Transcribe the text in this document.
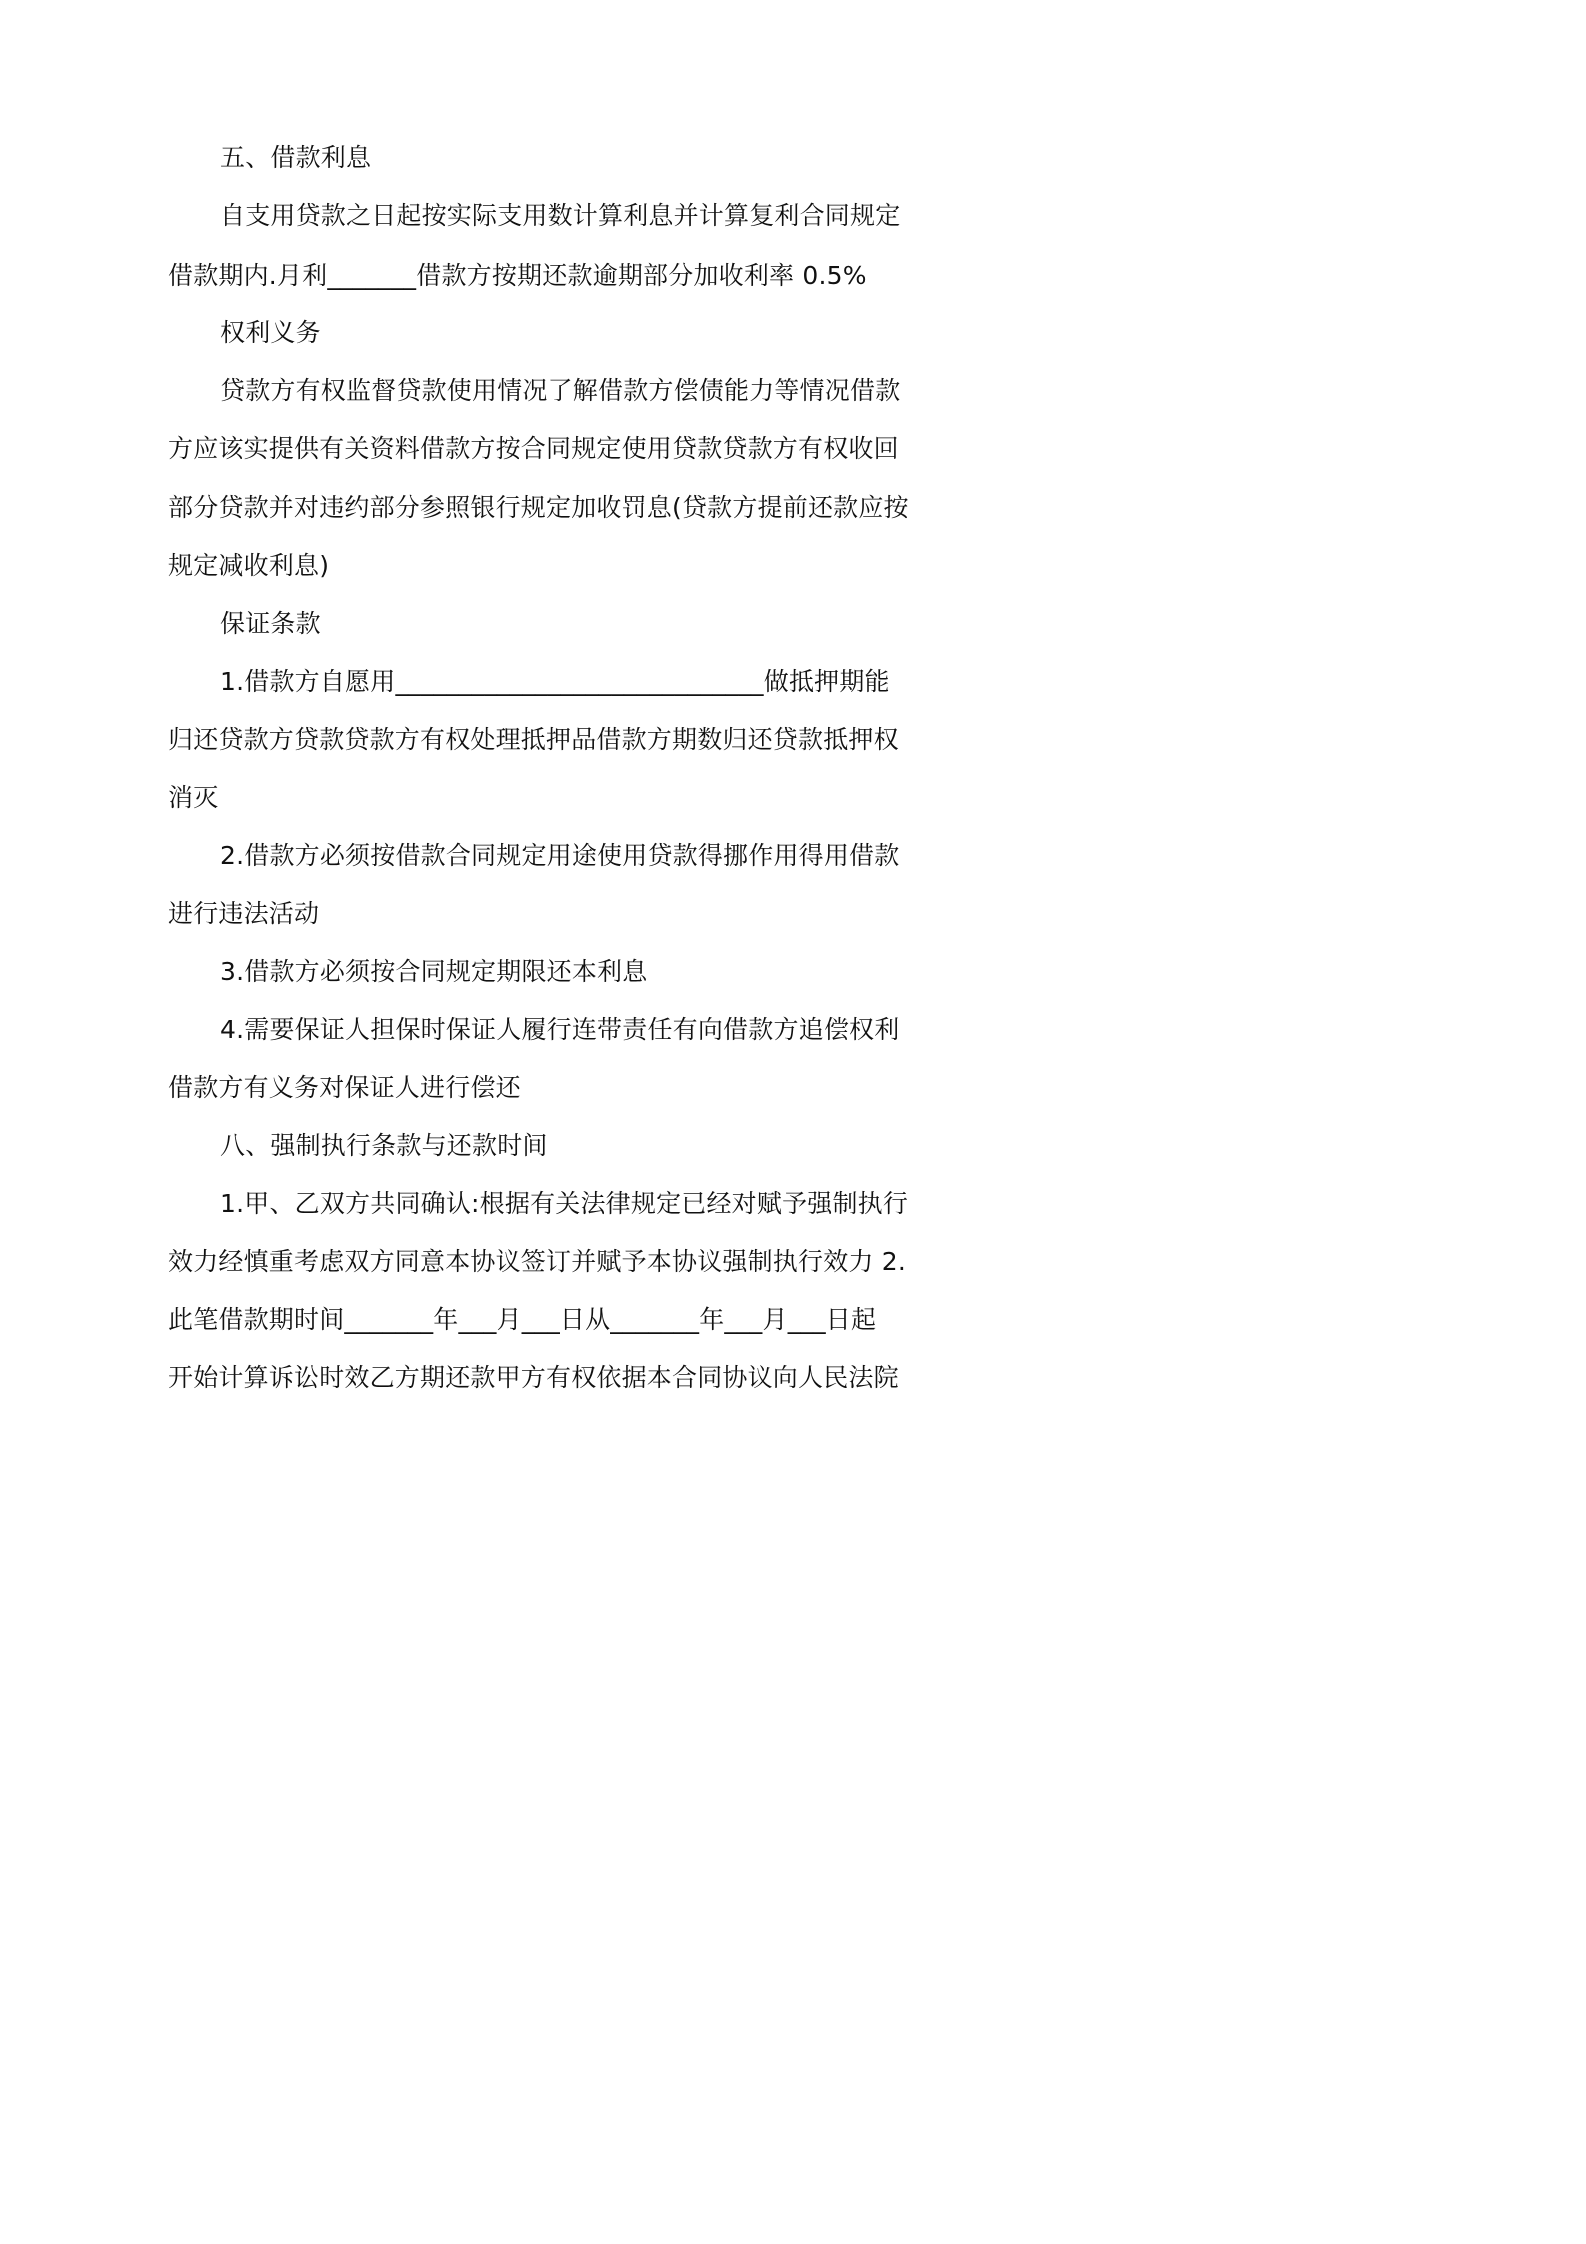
五、借款利息
自支用贷款之日起按实际支用数计算利息并计算复利合同规定
借款期内.月利_______借款方按期还款逾期部分加收利率 0.5%
权利义务
贷款方有权监督贷款使用情况了解借款方偿债能力等情况借款
方应该实提供有关资料借款方按合同规定使用贷款贷款方有权收回
部分贷款并对违约部分参照银行规定加收罚息(贷款方提前还款应按
规定减收利息)
保证条款
1.借款方自愿用_____________________________做抵押期能
归还贷款方贷款贷款方有权处理抵押品借款方期数归还贷款抵押权
消灭
2.借款方必须按借款合同规定用途使用贷款得挪作用得用借款
进行违法活动
3.借款方必须按合同规定期限还本利息
4.需要保证人担保时保证人履行连带责任有向借款方追偿权利
借款方有义务对保证人进行偿还
八、强制执行条款与还款时间
1.甲、乙双方共同确认:根据有关法律规定已经对赋予强制执行
效力经慎重考虑双方同意本协议签订并赋予本协议强制执行效力 2.
此笔借款期时间_______年___月___日从_______年___月___日起
开始计算诉讼时效乙方期还款甲方有权依据本合同协议向人民法院
